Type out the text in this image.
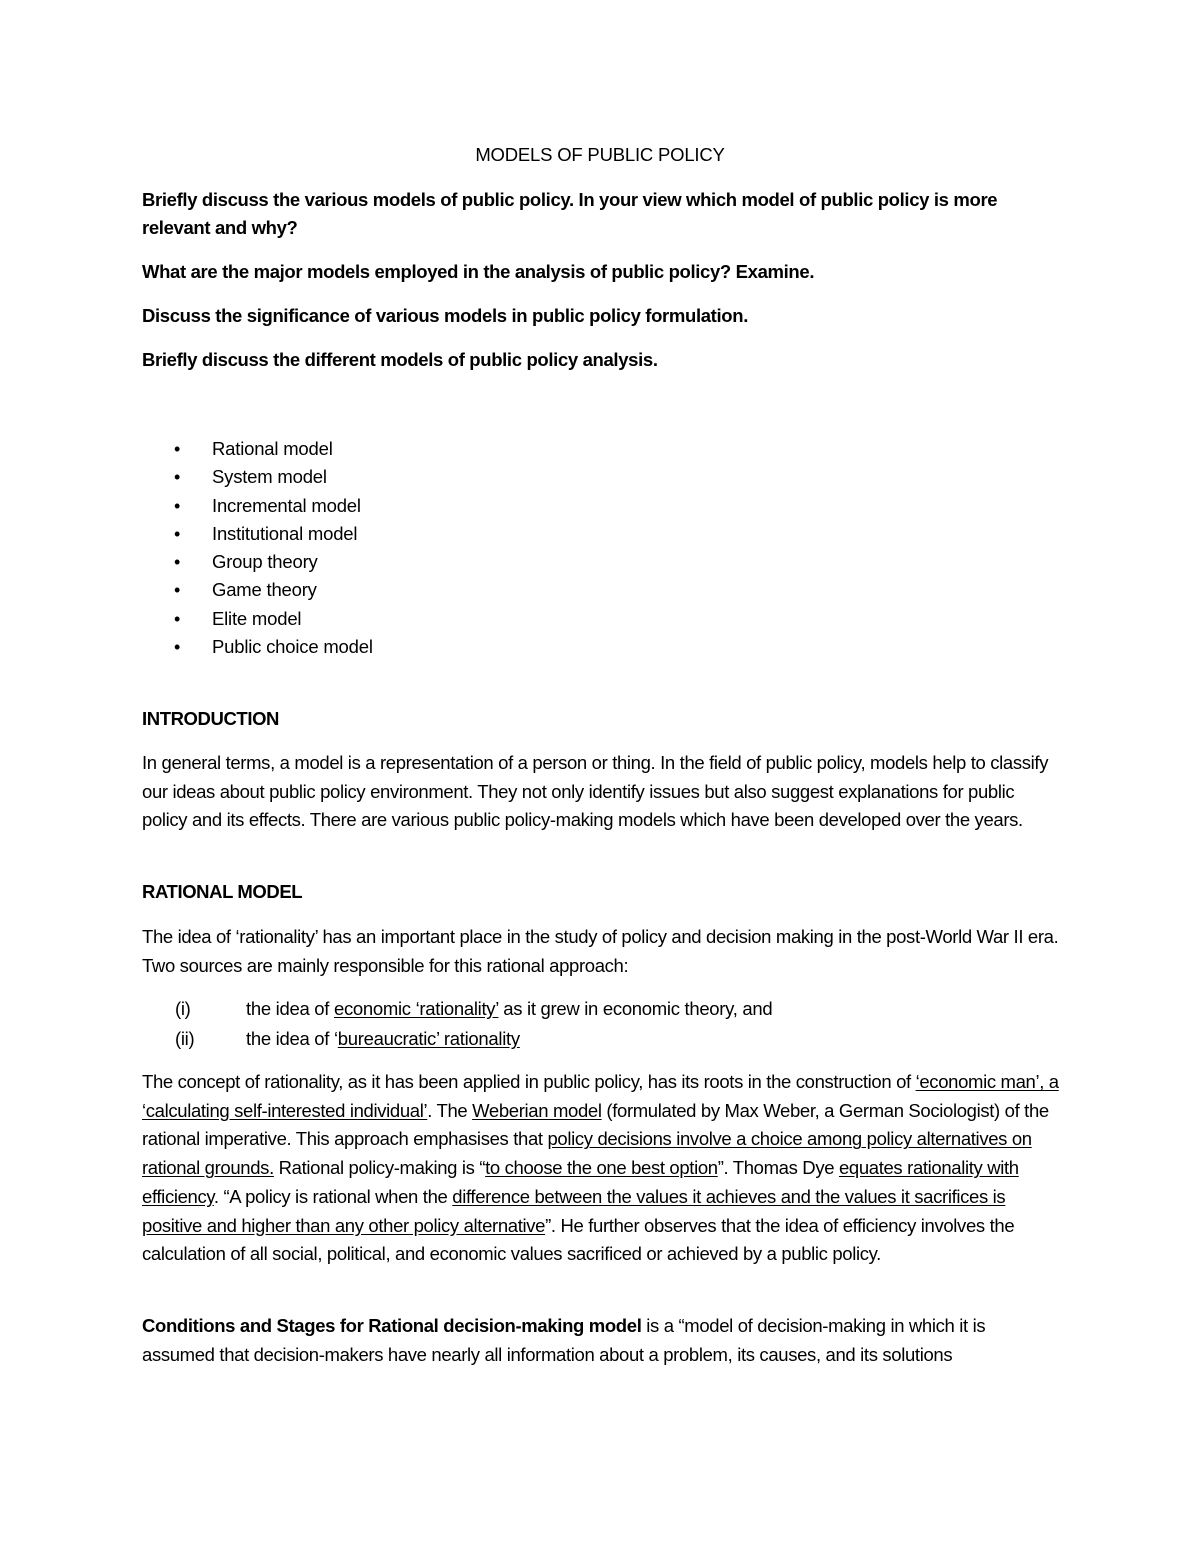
MODELS OF PUBLIC POLICY

Briefly discuss the various models of public policy. In your view which model of public policy is more relevant and why?

What are the major models employed in the analysis of public policy? Examine.

Discuss the significance of various models in public policy formulation.

Briefly discuss the different models of public policy analysis.

• Rational model
• System model
• Incremental model
• Institutional model
• Group theory
• Game theory
• Elite model
• Public choice model

INTRODUCTION

In general terms, a model is a representation of a person or thing. In the field of public policy, models help to classify our ideas about public policy environment. They not only identify issues but also suggest explanations for public policy and its effects. There are various public policy-making models which have been developed over the years.

RATIONAL MODEL

The idea of ‘rationality’ has an important place in the study of policy and decision making in the post-World War II era. Two sources are mainly responsible for this rational approach:

(i)	the idea of economic ‘rationality’ as it grew in economic theory, and
(ii)	the idea of ‘bureaucratic’ rationality

The concept of rationality, as it has been applied in public policy, has its roots in the construction of ‘economic man’, a ‘calculating self-interested individual’. The Weberian model (formulated by Max Weber, a German Sociologist) of the rational imperative. This approach emphasises that policy decisions involve a choice among policy alternatives on rational grounds. Rational policy-making is “to choose the one best option”. Thomas Dye equates rationality with efficiency. “A policy is rational when the difference between the values it achieves and the values it sacrifices is positive and higher than any other policy alternative”. He further observes that the idea of efficiency involves the calculation of all social, political, and economic values sacrificed or achieved by a public policy.

Conditions and Stages for Rational decision-making model is a “model of decision-making in which it is assumed that decision-makers have nearly all information about a problem, its causes, and its solutions
